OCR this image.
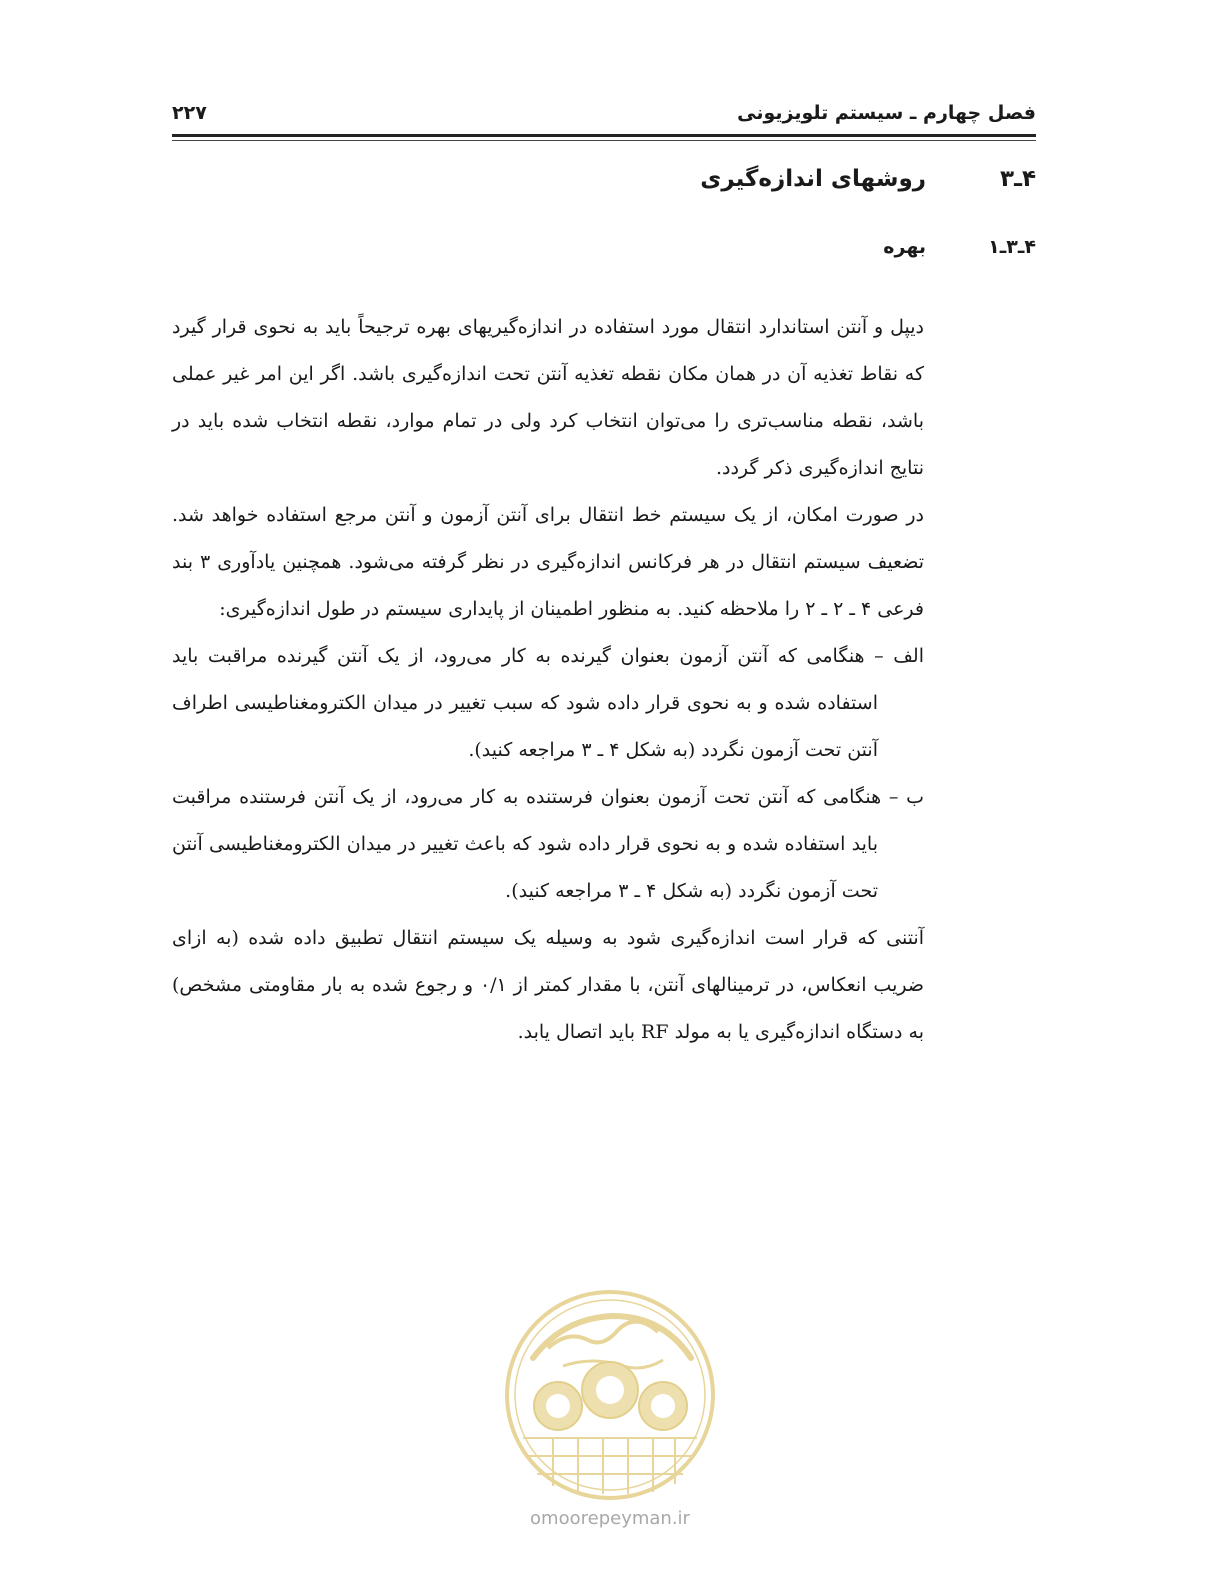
فصل چهارم ـ سیستم تلویزیونی
۲۲۷
۴ـ۳
روشهای اندازه‌گیری
۴ـ۳ـ۱
بهره

دیپل و آنتن استاندارد انتقال مورد استفاده در اندازه‌گیریهای بهره ترجیحاً باید به نحوی قرار گیرد که نقاط تغذیه آن در همان مکان نقطه تغذیه آنتن تحت اندازه‌گیری باشد. اگر این امر غیر عملی باشد، نقطه مناسب‌تری را می‌توان انتخاب کرد ولی در تمام موارد، نقطه انتخاب شده باید در نتایج اندازه‌گیری ذکر گردد.

در صورت امکان، از یک سیستم خط انتقال برای آنتن آزمون و آنتن مرجع استفاده خواهد شد. تضعیف سیستم انتقال در هر فرکانس اندازه‌گیری در نظر گرفته می‌شود. همچنین یادآوری ۳ بند فرعی ۴ ـ ۲ ـ ۲ را ملاحظه کنید. به منظور اطمینان از پایداری سیستم در طول اندازه‌گیری:

الف – هنگامی که آنتن آزمون بعنوان گیرنده به کار می‌رود، از یک آنتن گیرنده مراقبت باید استفاده شده و به نحوی قرار داده شود که سبب تغییر در میدان الکترومغناطیسی اطراف آنتن تحت آزمون نگردد (به شکل ۴ ـ ۳ مراجعه کنید).

ب – هنگامی که آنتن تحت آزمون بعنوان فرستنده به کار می‌رود، از یک آنتن فرستنده مراقبت باید استفاده شده و به نحوی قرار داده شود که باعث تغییر در میدان الکترومغناطیسی آنتن تحت آزمون نگردد (به شکل ۴ ـ ۳ مراجعه کنید).

آنتنی که قرار است اندازه‌گیری شود به وسیله یک سیستم انتقال تطبیق داده شده (به ازای ضریب انعکاس، در ترمینالهای آنتن، با مقدار کمتر از ۰/۱ و رجوع شده به بار مقاومتی مشخص) به دستگاه اندازه‌گیری یا به مولد RF باید اتصال یابد.

omoorepeyman.ir
